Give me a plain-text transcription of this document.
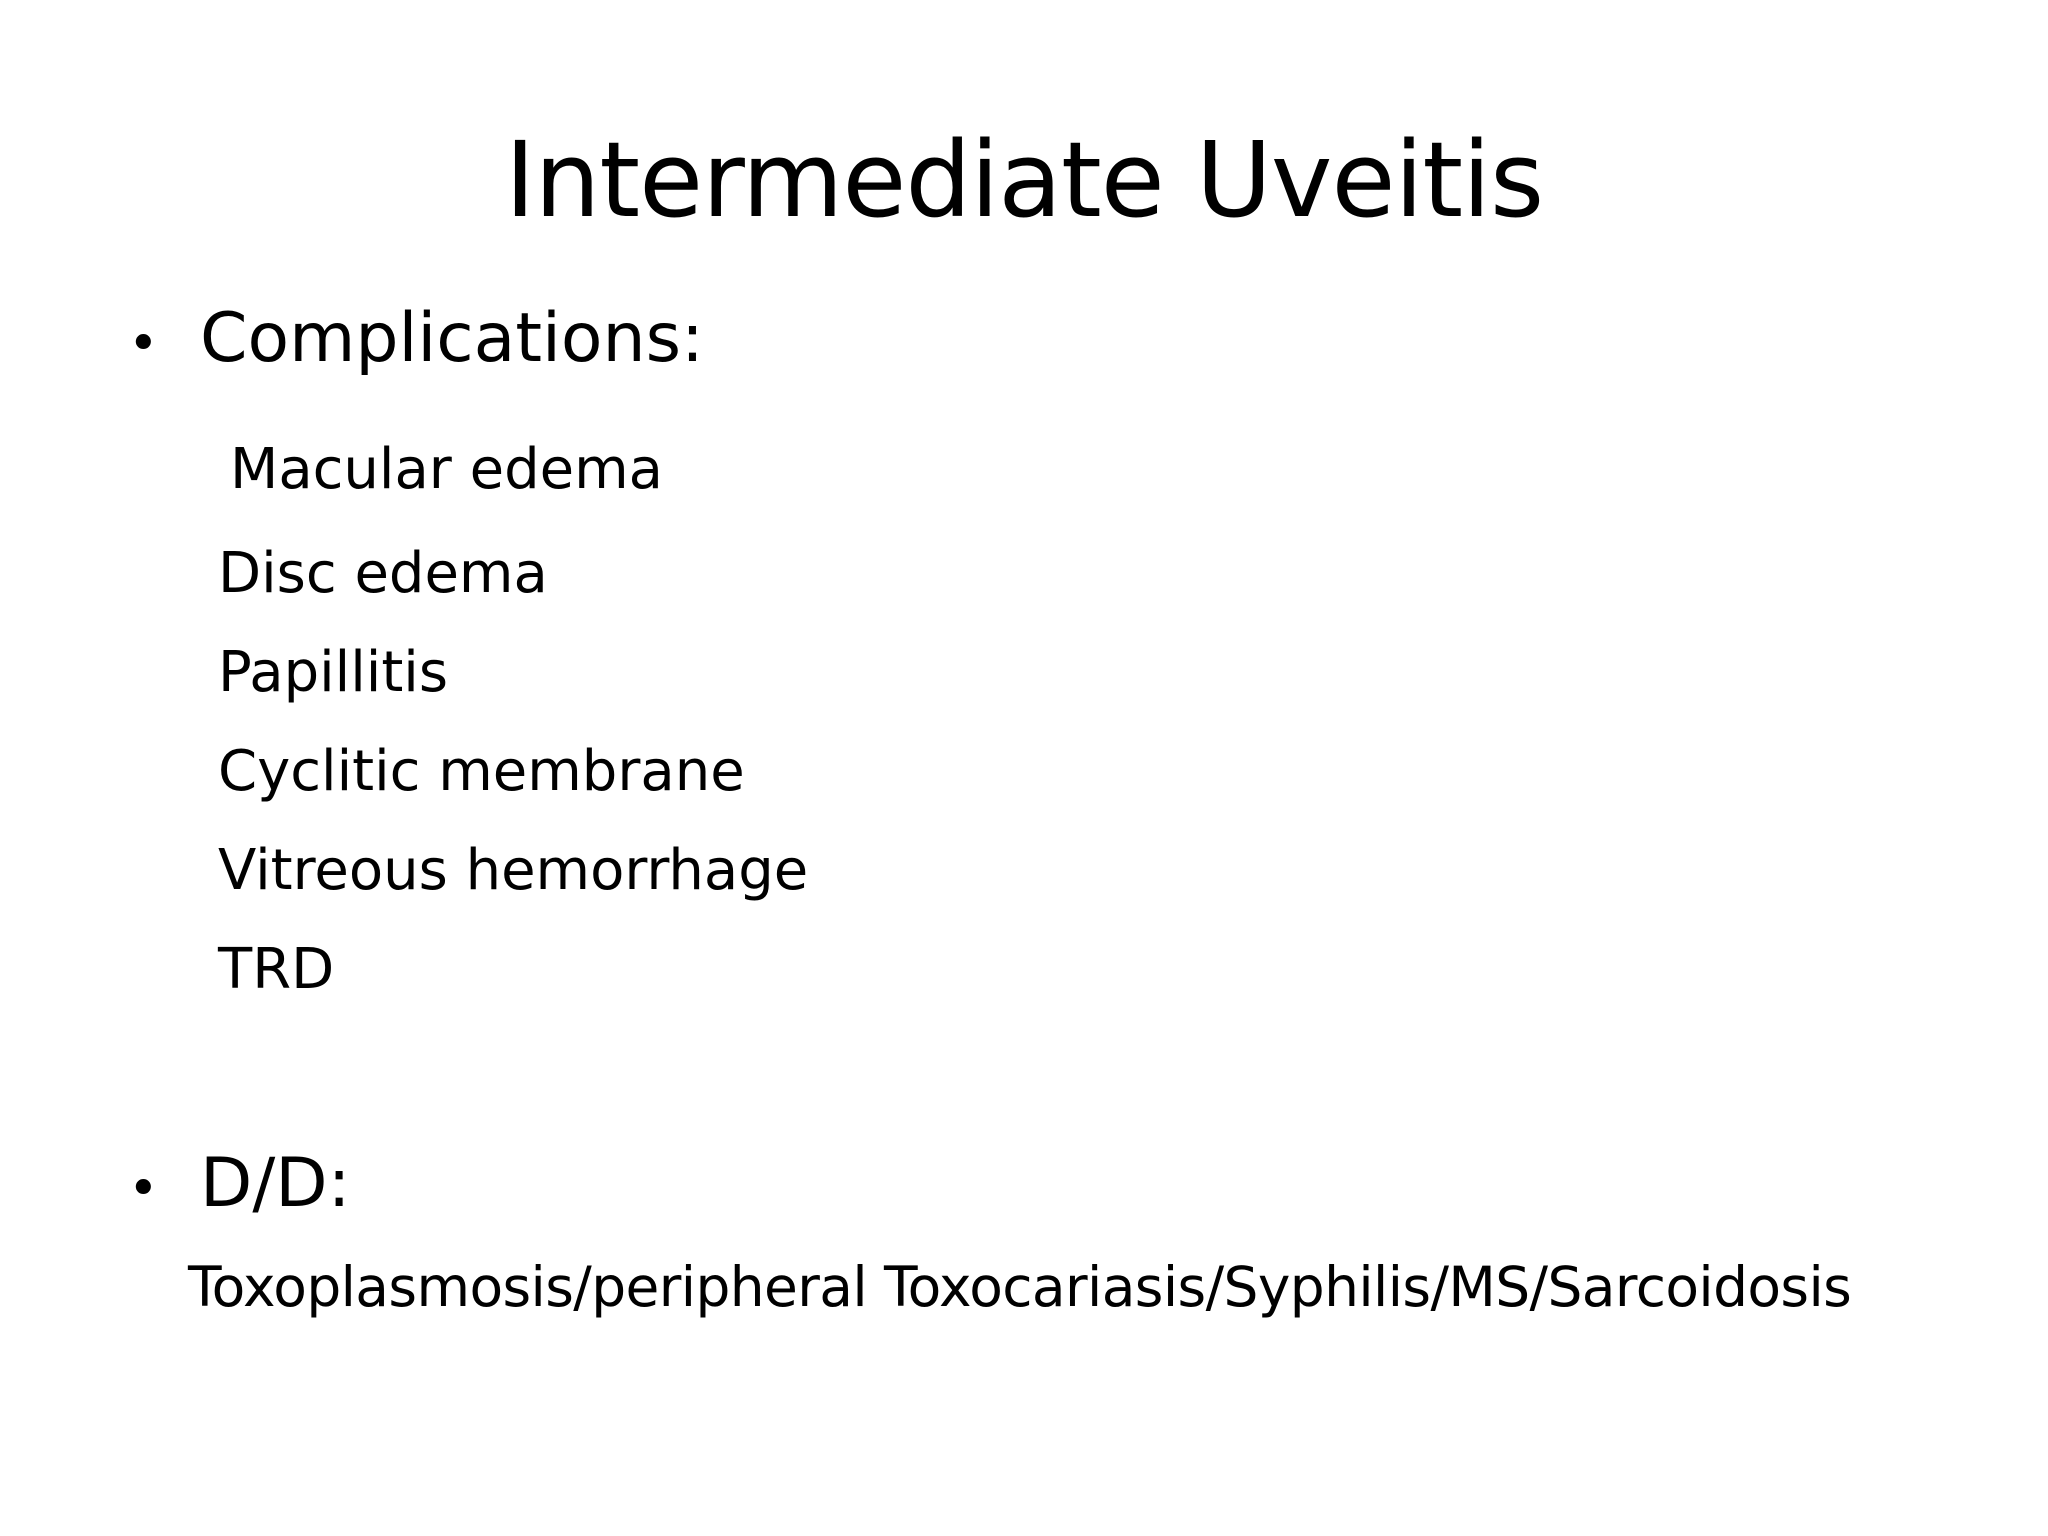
Intermediate Uveitis
• Complications:
Macular edema
Disc edema
Papillitis
Cyclitic membrane
Vitreous hemorrhage
TRD
• D/D:
Toxoplasmosis/peripheral Toxocariasis/Syphilis/MS/Sarcoidosis
